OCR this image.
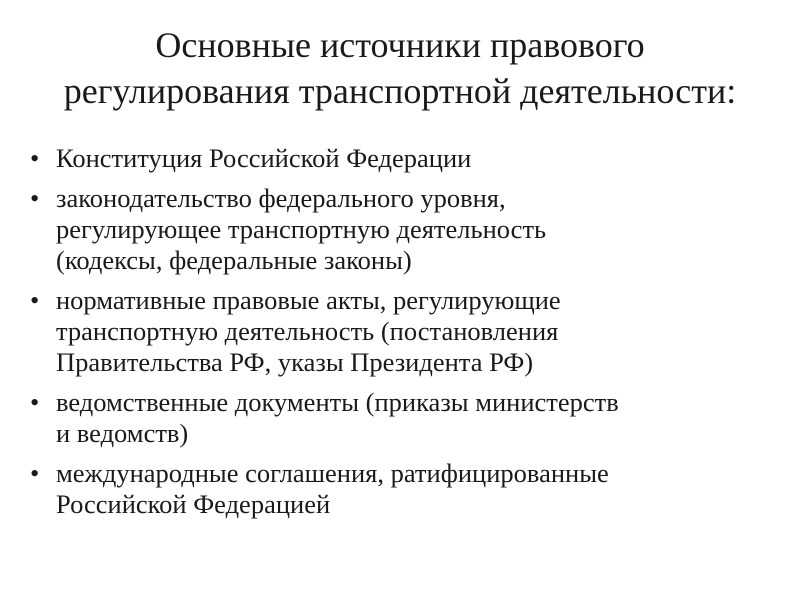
Основные источники правового
регулирования транспортной деятельности:
• Конституция Российской Федерации
• законодательство федерального уровня,
регулирующее транспортную деятельность
(кодексы, федеральные законы)
• нормативные правовые акты, регулирующие
транспортную деятельность (постановления
Правительства РФ, указы Президента РФ)
• ведомственные документы (приказы министерств
и ведомств)
• международные соглашения, ратифицированные
Российской Федерацией
